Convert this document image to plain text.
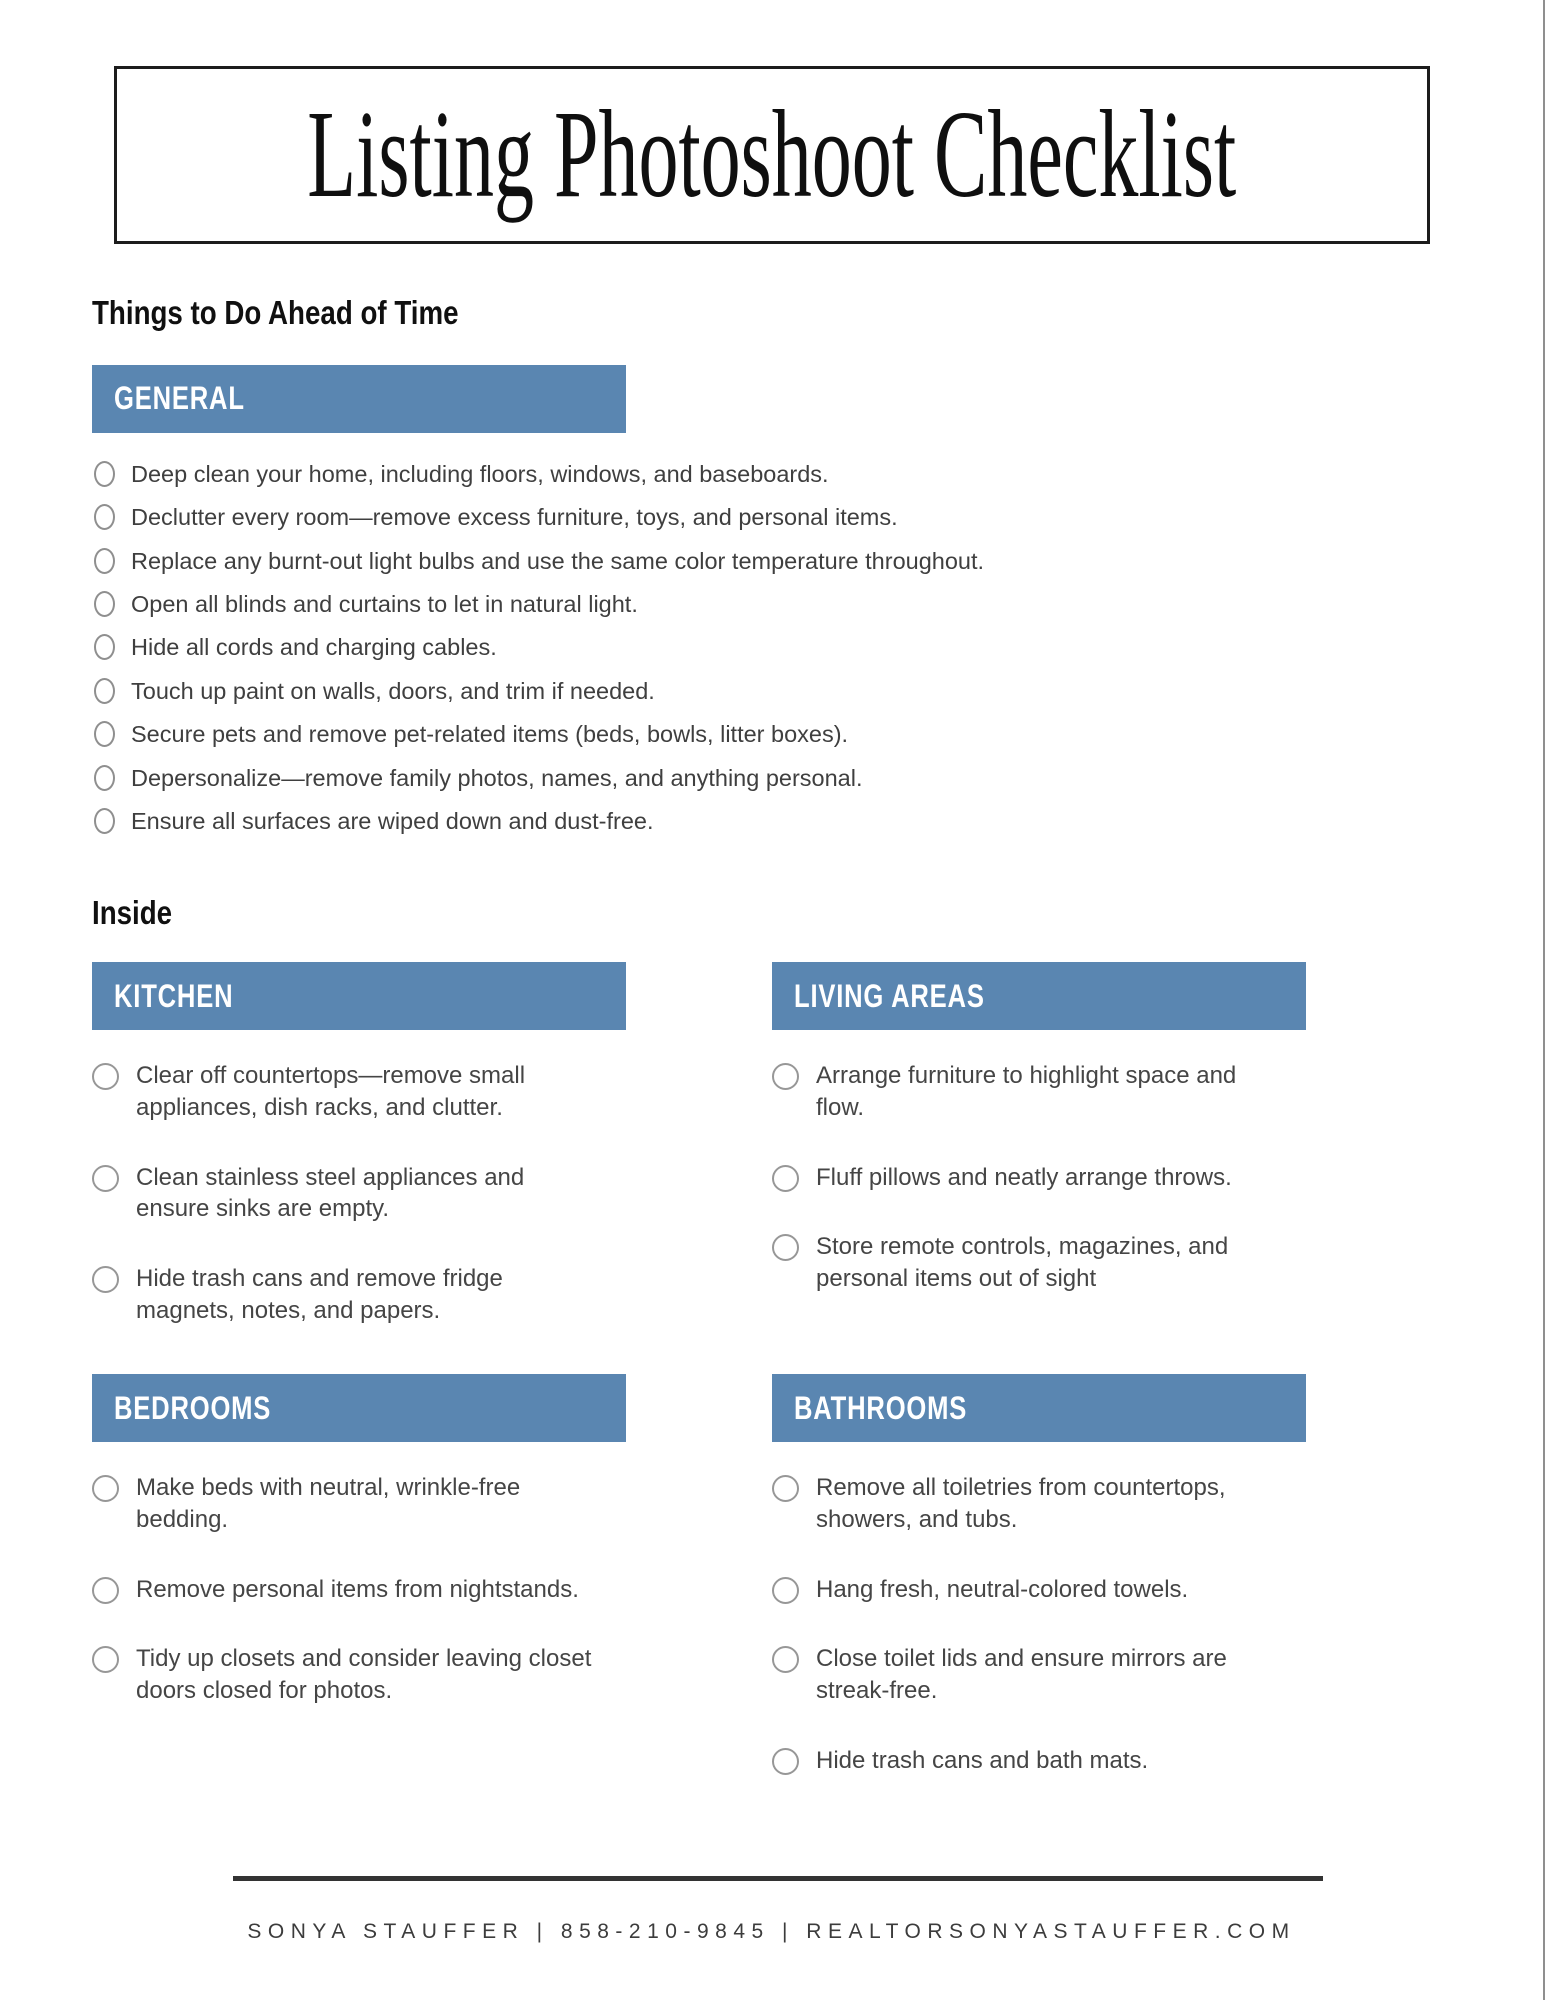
Listing Photoshoot Checklist
Things to Do Ahead of Time
GENERAL
Deep clean your home, including floors, windows, and baseboards.
Declutter every room—remove excess furniture, toys, and personal items.
Replace any burnt-out light bulbs and use the same color temperature throughout.
Open all blinds and curtains to let in natural light.
Hide all cords and charging cables.
Touch up paint on walls, doors, and trim if needed.
Secure pets and remove pet-related items (beds, bowls, litter boxes).
Depersonalize—remove family photos, names, and anything personal.
Ensure all surfaces are wiped down and dust-free.
Inside
KITCHEN
Clear off countertops—remove small appliances, dish racks, and clutter.
Clean stainless steel appliances and ensure sinks are empty.
Hide trash cans and remove fridge magnets, notes, and papers.
LIVING AREAS
Arrange furniture to highlight space and flow.
Fluff pillows and neatly arrange throws.
Store remote controls, magazines, and personal items out of sight
BEDROOMS
Make beds with neutral, wrinkle-free bedding.
Remove personal items from nightstands.
Tidy up closets and consider leaving closet doors closed for photos.
BATHROOMS
Remove all toiletries from countertops, showers, and tubs.
Hang fresh, neutral-colored towels.
Close toilet lids and ensure mirrors are streak-free.
Hide trash cans and bath mats.
SONYA STAUFFER | 858-210-9845 | REALTORSONYASTAUFFER.COM
